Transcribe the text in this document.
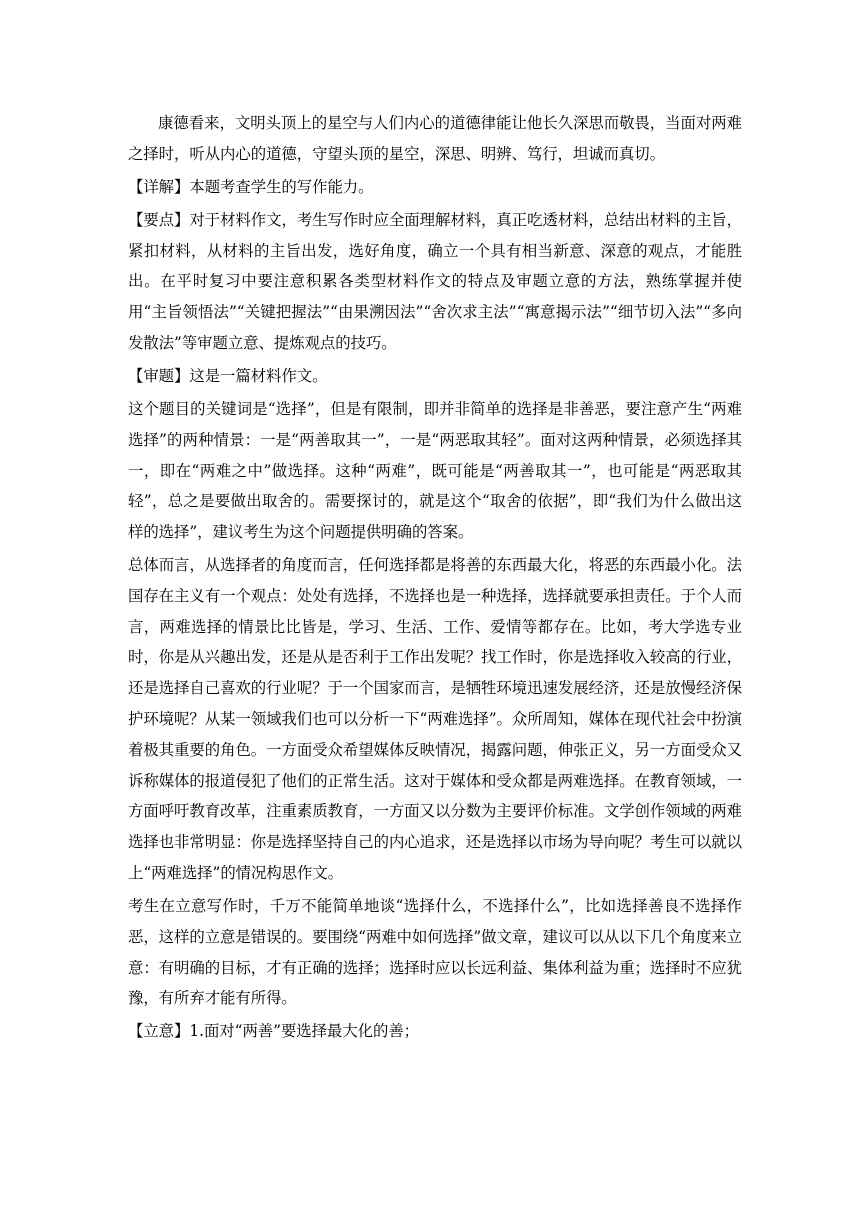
康德看来，文明头顶上的星空与人们内心的道德律能让他长久深思而敬畏，当面对两难之择时，听从内心的道德，守望头顶的星空，深思、明辨、笃行，坦诚而真切。

【详解】本题考查学生的写作能力。

【要点】对于材料作文，考生写作时应全面理解材料，真正吃透材料，总结出材料的主旨，紧扣材料，从材料的主旨出发，选好角度，确立一个具有相当新意、深意的观点，才能胜出。在平时复习中要注意积累各类型材料作文的特点及审题立意的方法，熟练掌握并使用“主旨领悟法”“关键把握法”“由果溯因法”“舍次求主法”“寓意揭示法”“细节切入法”“多向发散法”等审题立意、提炼观点的技巧。

【审题】这是一篇材料作文。

这个题目的关键词是“选择”，但是有限制，即并非简单的选择是非善恶，要注意产生“两难选择”的两种情景：一是“两善取其一”，一是“两恶取其轻”。面对这两种情景，必须选择其一，即在“两难之中”做选择。这种“两难”，既可能是“两善取其一”，也可能是“两恶取其轻”，总之是要做出取舍的。需要探讨的，就是这个“取舍的依据”，即“我们为什么做出这样的选择”，建议考生为这个问题提供明确的答案。

总体而言，从选择者的角度而言，任何选择都是将善的东西最大化，将恶的东西最小化。法国存在主义有一个观点：处处有选择，不选择也是一种选择，选择就要承担责任。于个人而言，两难选择的情景比比皆是，学习、生活、工作、爱情等都存在。比如，考大学选专业时，你是从兴趣出发，还是从是否利于工作出发呢？找工作时，你是选择收入较高的行业，还是选择自己喜欢的行业呢？于一个国家而言，是牺牲环境迅速发展经济，还是放慢经济保护环境呢？从某一领域我们也可以分析一下“两难选择”。众所周知，媒体在现代社会中扮演着极其重要的角色。一方面受众希望媒体反映情况，揭露问题，伸张正义，另一方面受众又诉称媒体的报道侵犯了他们的正常生活。这对于媒体和受众都是两难选择。在教育领域，一方面呼吁教育改革，注重素质教育，一方面又以分数为主要评价标准。文学创作领域的两难选择也非常明显：你是选择坚持自己的内心追求，还是选择以市场为导向呢？考生可以就以上“两难选择”的情况构思作文。

考生在立意写作时，千万不能简单地谈“选择什么，不选择什么”，比如选择善良不选择作恶，这样的立意是错误的。要围绕“两难中如何选择”做文章，建议可以从以下几个角度来立意：有明确的目标，才有正确的选择；选择时应以长远利益、集体利益为重；选择时不应犹豫，有所弃才能有所得。

【立意】1.面对“两善”要选择最大化的善；
